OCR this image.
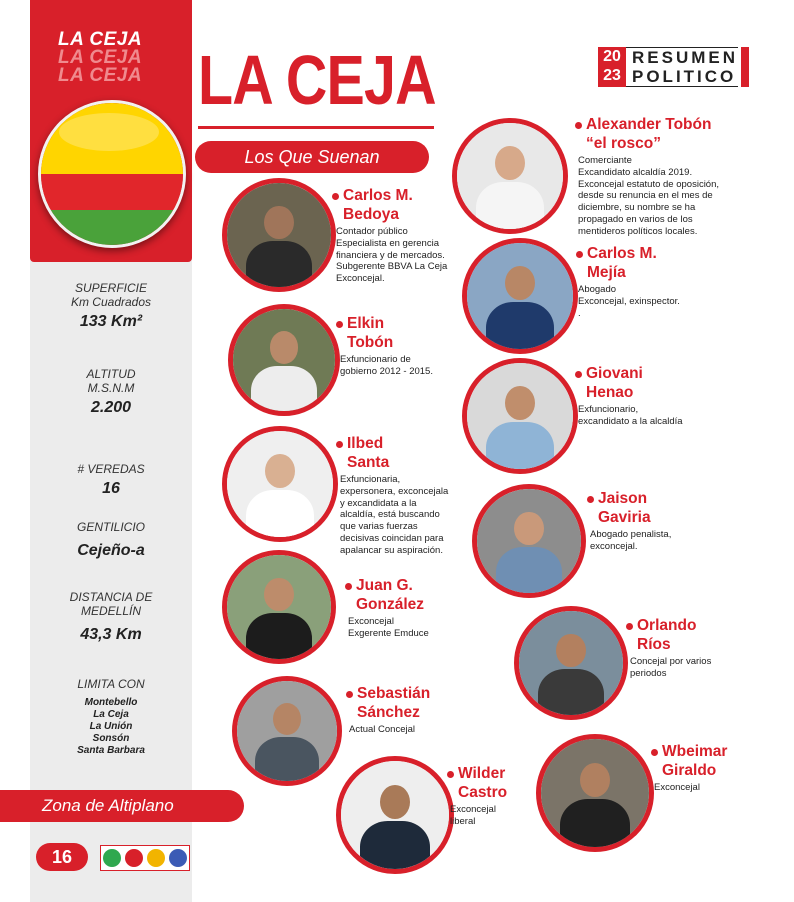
LA CEJA
LA CEJA
LA CEJA
SUPERFICIE
Km Cuadrados
133 Km²
ALTITUD
M.S.N.M
2.200
# VEREDAS
16
GENTILICIO
Cejeño-a
DISTANCIA DE
MEDELLÍN
43,3 Km
LIMITA CON
Montebello
La Ceja
La Unión
Sonsón
Santa Barbara
Zona de Altiplano
16
LA CEJA
Los Que Suenan
20
23
RESUMEN
POLITICO
Alexander Tobón
“el rosco”
Comerciante
Excandidato alcaldía 2019.
Exconcejal estatuto de oposición,
desde su renuncia en el mes de
diciembre, su nombre se ha
propagado en varios de los
mentideros políticos locales.
Carlos M.
Bedoya
Contador público
Especialista en gerencia
financiera y de mercados.
Subgerente BBVA La Ceja
Exconcejal.
Carlos M.
Mejía
Abogado
Exconcejal, exinspector.
.
Elkin
Tobón
Exfuncionario de
gobierno 2012 - 2015.	Giovani
Henao
Exfuncionario,
excandidato a la alcaldía
Ilbed
Santa
Exfuncionaria,
expersonera, exconcejala
y excandidata a la
alcaldía, está buscando
que varias fuerzas
decisivas coincidan para
apalancar su aspiración.
Jaison
Gaviria
Abogado penalista,
exconcejal.
Juan G.
González
Exconcejal
Exgerente Emduce	Orlando
Ríos
Concejal por varios
periodos
Sebastián
Sánchez
Actual Concejal
Wbeimar
Giraldo
Exconcejal
Wilder
Castro
Exconcejal
liberal
